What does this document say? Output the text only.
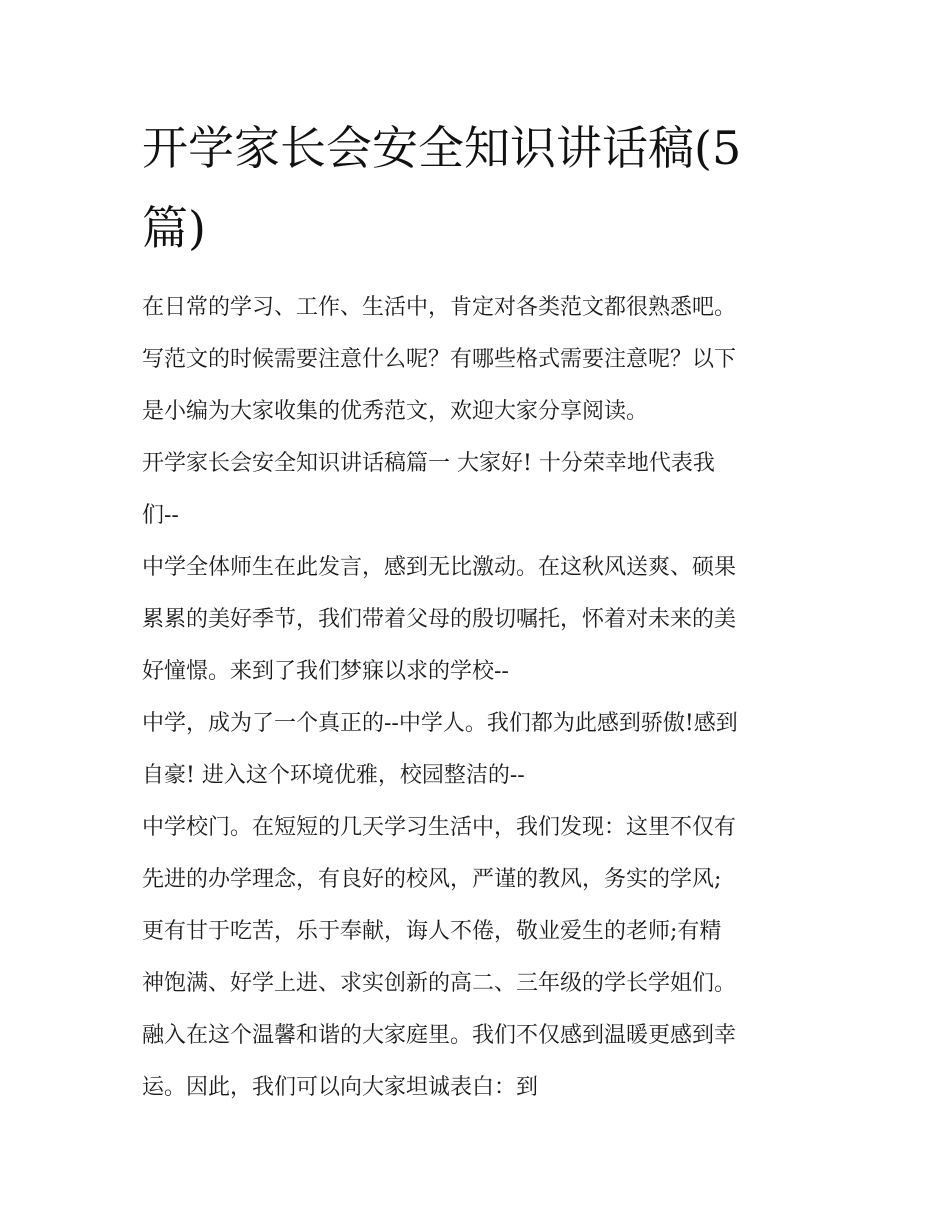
开学家长会安全知识讲话稿(5
篇)
在日常的学习、工作、生活中，肯定对各类范文都很熟悉吧。
写范文的时候需要注意什么呢？有哪些格式需要注意呢？以下
是小编为大家收集的优秀范文，欢迎大家分享阅读。
开学家长会安全知识讲话稿篇一 大家好! 十分荣幸地代表我
们--
中学全体师生在此发言，感到无比激动。在这秋风送爽、硕果
累累的美好季节，我们带着父母的殷切嘱托，怀着对未来的美
好憧憬。来到了我们梦寐以求的学校--
中学，成为了一个真正的--中学人。我们都为此感到骄傲!感到
自豪! 进入这个环境优雅，校园整洁的--
中学校门。在短短的几天学习生活中，我们发现：这里不仅有
先进的办学理念，有良好的校风，严谨的教风，务实的学风;
更有甘于吃苦，乐于奉献，诲人不倦，敬业爱生的老师;有精
神饱满、好学上进、求实创新的高二、三年级的学长学姐们。
融入在这个温馨和谐的大家庭里。我们不仅感到温暖更感到幸
运。因此，我们可以向大家坦诚表白：到
